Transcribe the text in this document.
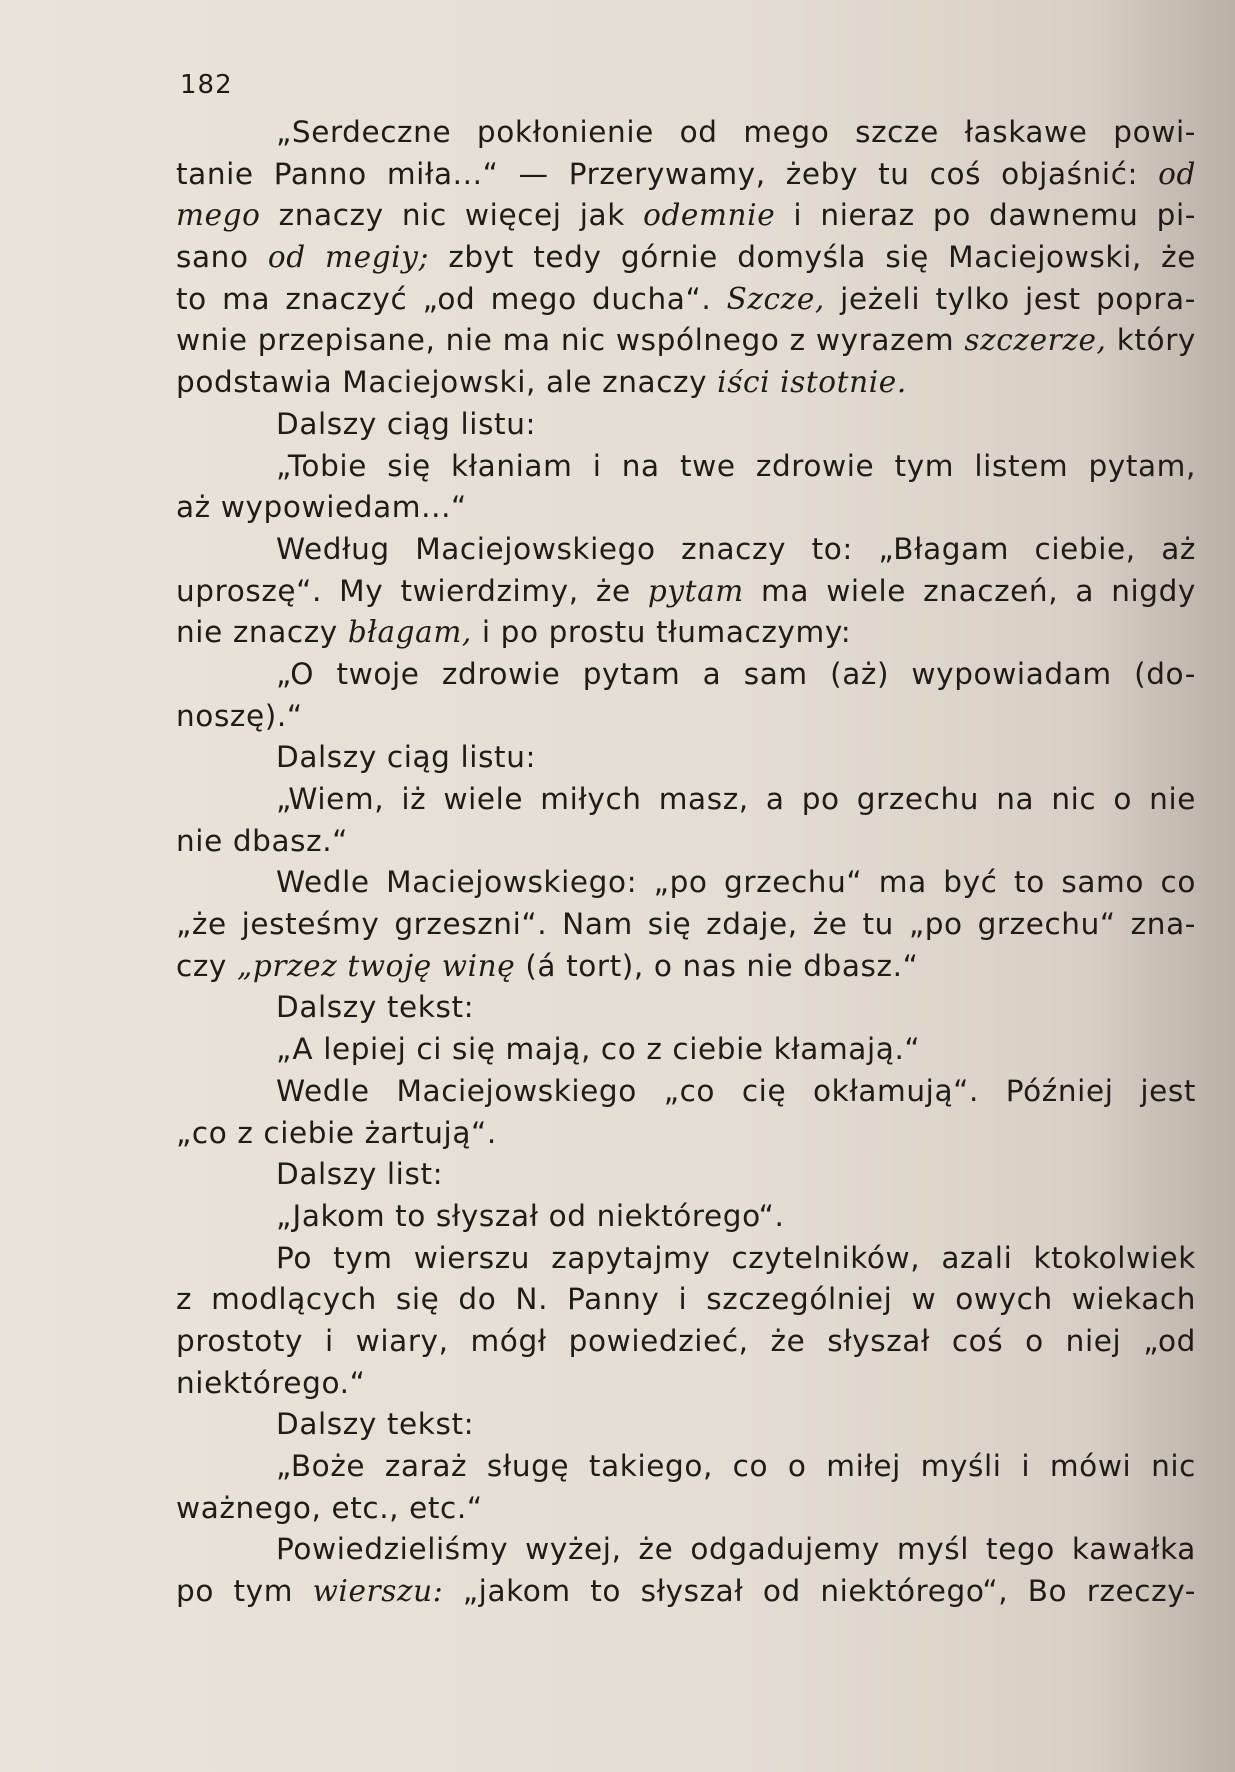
182
„Serdeczne pokłonienie od mego szcze łaskawe powi-
tanie Panno miła...“ — Przerywamy, żeby tu coś objaśnić: od
mego znaczy nic więcej jak odemnie i nieraz po dawnemu pi-
sano od megiy; zbyt tedy górnie domyśla się Maciejowski, że
to ma znaczyć „od mego ducha“. Szcze, jeżeli tylko jest popra-
wnie przepisane, nie ma nic wspólnego z wyrazem szczerze, który
podstawia Maciejowski, ale znaczy iści istotnie.
Dalszy ciąg listu:
„Tobie się kłaniam i na twe zdrowie tym listem pytam,
aż wypowiedam...“
Według Maciejowskiego znaczy to: „Błagam ciebie, aż
uproszę“. My twierdzimy, że pytam ma wiele znaczeń, a nigdy
nie znaczy błagam, i po prostu tłumaczymy:
„O twoje zdrowie pytam a sam (aż) wypowiadam (do-
noszę).“
Dalszy ciąg listu:
„Wiem, iż wiele miłych masz, a po grzechu na nic o nie
nie dbasz.“
Wedle Maciejowskiego: „po grzechu“ ma być to samo co
„że jesteśmy grzeszni“. Nam się zdaje, że tu „po grzechu“ zna-
czy „przez twoję winę (á tort), o nas nie dbasz.“
Dalszy tekst:
„A lepiej ci się mają, co z ciebie kłamają.“
Wedle Maciejowskiego „co cię okłamują“. Później jest
„co z ciebie żartują“.
Dalszy list:
„Jakom to słyszał od niektórego“.
Po tym wierszu zapytajmy czytelników, azali ktokolwiek
z modlących się do N. Panny i szczególniej w owych wiekach
prostoty i wiary, mógł powiedzieć, że słyszał coś o niej „od
niektórego.“
Dalszy tekst:
„Boże zaraż sługę takiego, co o miłej myśli i mówi nic
ważnego, etc., etc.“
Powiedzieliśmy wyżej, że odgadujemy myśl tego kawałka
po tym wierszu: „jakom to słyszał od niektórego“, Bo rzeczy-
